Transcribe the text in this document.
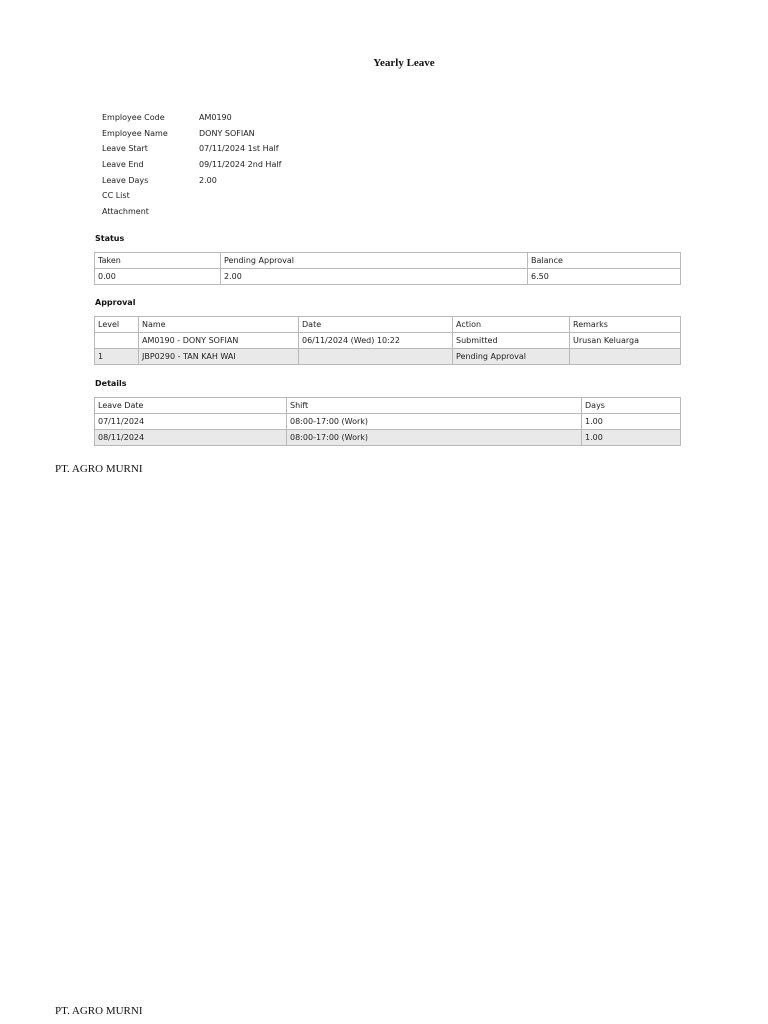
Yearly Leave
Employee Code	AM0190
Employee Name	DONY SOFIAN
Leave Start	07/11/2024 1st Half
Leave End	09/11/2024 2nd Half
Leave Days	2.00
CC List
Attachment
Status
Taken	Pending Approval	Balance
0.00	2.00	6.50
Approval
Level	Name	Date	Action	Remarks
	AM0190 - DONY SOFIAN	06/11/2024 (Wed) 10:22	Submitted	Urusan Keluarga
1	JBP0290 - TAN KAH WAI		Pending Approval	
Details
Leave Date	Shift	Days
07/11/2024	08:00-17:00 (Work)	1.00
08/11/2024	08:00-17:00 (Work)	1.00
PT. AGRO MURNI
PT. AGRO MURNI
